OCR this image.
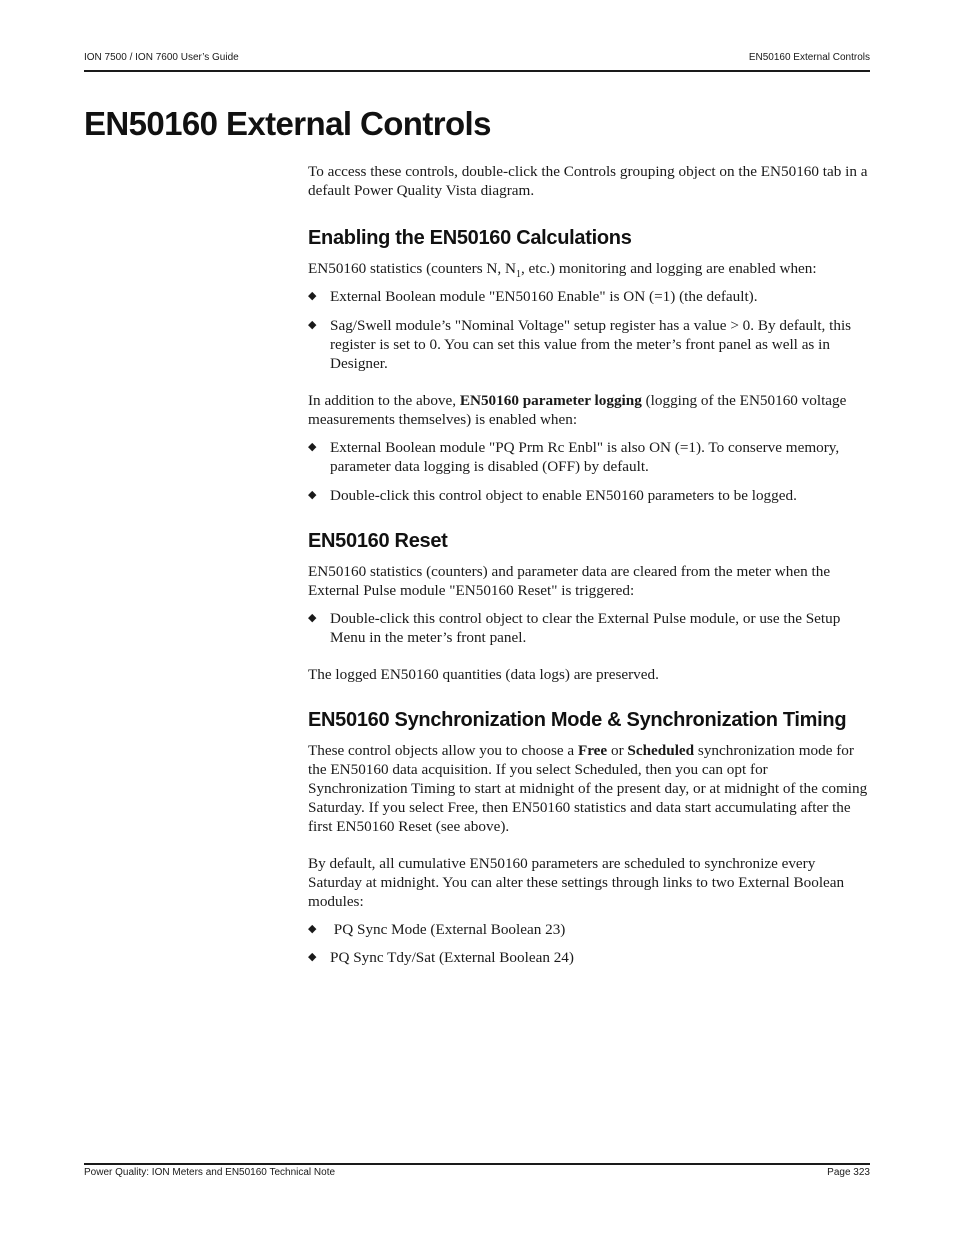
ION 7500 / ION 7600 User’s Guide	EN50160 External Controls
EN50160 External Controls

To access these controls, double-click the Controls grouping object on the EN50160 tab in a default Power Quality Vista diagram.

Enabling the EN50160 Calculations

EN50160 statistics (counters N, $N_1$, etc.) monitoring and logging are enabled when:

◆ External Boolean module "EN50160 Enable" is ON (=1) (the default).
◆ Sag/Swell module’s "Nominal Voltage" setup register has a value > 0. By default, this register is set to 0. You can set this value from the meter’s front panel as well as in Designer.

In addition to the above, EN50160 parameter logging (logging of the EN50160 voltage measurements themselves) is enabled when:

◆ External Boolean module "PQ Prm Rc Enbl" is also ON (=1). To conserve memory, parameter data logging is disabled (OFF) by default.
◆ Double-click this control object to enable EN50160 parameters to be logged.
EN50160 Reset

EN50160 statistics (counters) and parameter data are cleared from the meter when the External Pulse module "EN50160 Reset" is triggered:

◆ Double-click this control object to clear the External Pulse module, or use the Setup Menu in the meter’s front panel.

The logged EN50160 quantities (data logs) are preserved.

EN50160 Synchronization Mode & Synchronization Timing

These control objects allow you to choose a Free or Scheduled synchronization mode for the EN50160 data acquisition. If you select Scheduled, then you can opt for Synchronization Timing to start at midnight of the present day, or at midnight of the coming Saturday. If you select Free, then EN50160 statistics and data start accumulating after the first EN50160 Reset (see above).

By default, all cumulative EN50160 parameters are scheduled to synchronize every Saturday at midnight. You can alter these settings through links to two External Boolean modules:

◆ PQ Sync Mode (External Boolean 23)
◆ PQ Sync Tdy/Sat (External Boolean 24)
Power Quality: ION Meters and EN50160 Technical Note	Page 323
